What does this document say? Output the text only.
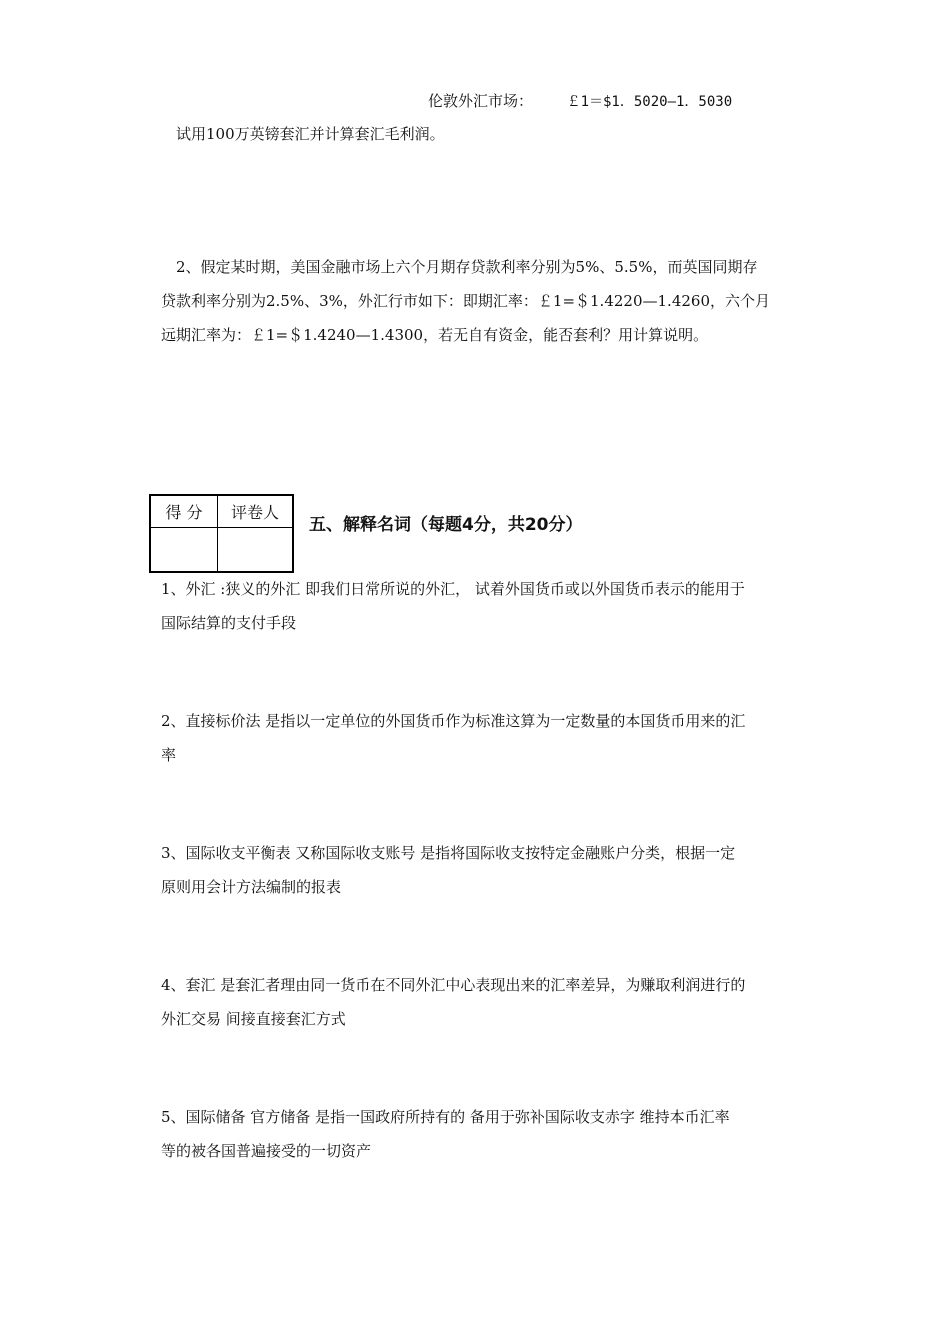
伦敦外汇市场： ￡1＝$1．5020—1．5030
试用100万英镑套汇并计算套汇毛利润。
2、假定某时期，美国金融市场上六个月期存贷款利率分别为5%、5.5%，而英国同期存
贷款利率分别为2.5%、3%，外汇行市如下：即期汇率：￡1=＄1.4220—1.4260，六个月
远期汇率为：￡1=＄1.4240—1.4300，若无自有资金，能否套利？用计算说明。
得 分	评卷人

五、解释名词（每题4分，共20分）
1、外汇 :狭义的外汇 即我们日常所说的外汇， 试着外国货币或以外国货币表示的能用于
国际结算的支付手段
2、直接标价法 是指以一定单位的外国货币作为标准这算为一定数量的本国货币用来的汇
率
3、国际收支平衡表 又称国际收支账号 是指将国际收支按特定金融账户分类，根据一定
原则用会计方法编制的报表
4、套汇 是套汇者理由同一货币在不同外汇中心表现出来的汇率差异，为赚取利润进行的
外汇交易 间接直接套汇方式
5、国际储备 官方储备 是指一国政府所持有的 备用于弥补国际收支赤字 维持本币汇率
等的被各国普遍接受的一切资产
